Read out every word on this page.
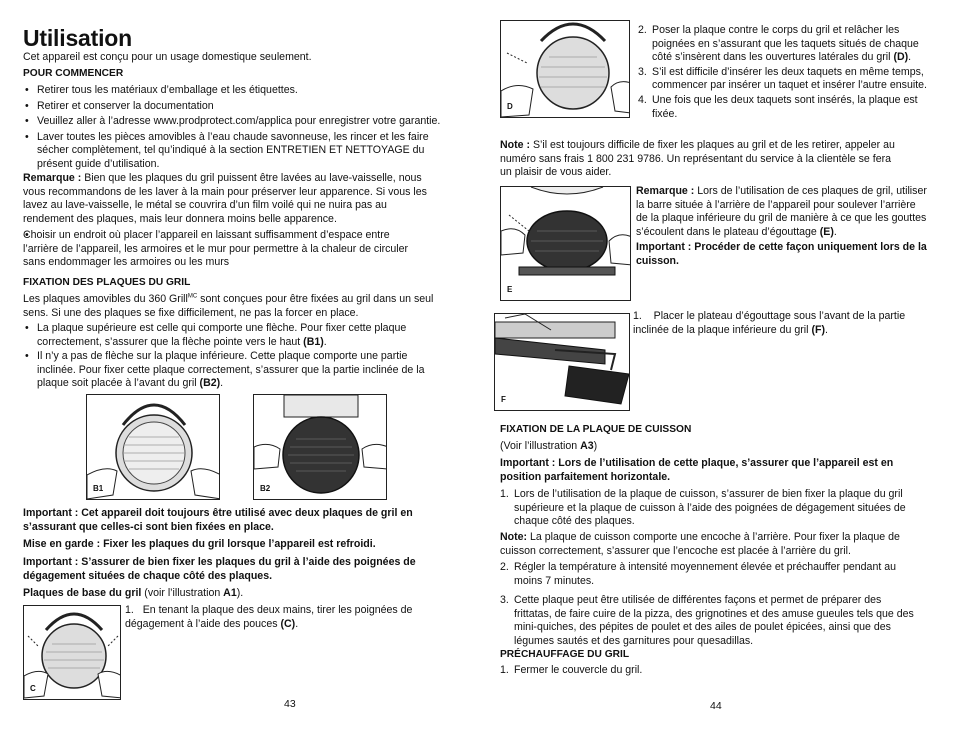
Utilisation

Cet appareil est conçu pour un usage domestique seulement.

POUR COMMENCER

• Retirer tous les matériaux d’emballage et les étiquettes.
• Retirer et conserver la documentation
• Veuillez aller à l’adresse www.prodprotect.com/applica pour enregistrer votre garantie.
• Laver toutes les pièces amovibles à l’eau chaude savonneuse, les rincer et les faire sécher complètement, tel qu’indiqué à la section ENTRETIEN ET NETTOYAGE du présent guide d’utilisation.

Remarque : Bien que les plaques du gril puissent être lavées au lave-vaisselle, nous vous recommandons de les laver à la main pour préserver leur apparence. Si vous les lavez au lave-vaisselle, le métal se couvrira d’un film voilé qui ne nuira pas au rendement des plaques, mais leur donnera moins belle apparence.

• Choisir un endroit où placer l’appareil en laissant suffisamment d’espace entre l’arrière de l’appareil, les armoires et le mur pour permettre à la chaleur de circuler sans endommager les armoires ou les murs

FIXATION DES PLAQUES DU GRIL

Les plaques amovibles du 360 Grill$^{MC}$ sont conçues pour être fixées au gril dans un seul sens. Si une des plaques se fixe difficilement, ne pas la forcer en place.

• La plaque supérieure est celle qui comporte une flèche. Pour fixer cette plaque correctement, s’assurer que la flèche pointe vers le haut (B1).
• Il n’y a pas de flèche sur la plaque inférieure. Cette plaque comporte une partie inclinée. Pour fixer cette plaque correctement, s’assurer que la partie inclinée de la plaque soit placée à l’avant du gril (B2).
B1	B2

Important : Cet appareil doit toujours être utilisé avec deux plaques de gril en s’assurant que celles-ci sont bien fixées en place.

Mise en garde : Fixer les plaques du gril lorsque l’appareil est refroidi.

Important : S’assurer de bien fixer les plaques du gril à l’aide des poignées de dégagement situées de chaque côté des plaques.

Plaques de base du gril (voir l’illustration A1).

C
1. En tenant la plaque des deux mains, tirer les poignées de dégagement à l’aide des pouces (C).
43
D
2. Poser la plaque contre le corps du gril et relâcher les poignées en s’assurant que les taquets situés de chaque côté s’insèrent dans les ouvertures latérales du gril (D).
3. S’il est difficile d’insérer les deux taquets en même temps, commencer par insérer un taquet et insérer l’autre ensuite.
4. Une fois que les deux taquets sont insérés, la plaque est fixée.

Note : S’il est toujours difficile de fixer les plaques au gril et de les retirer, appeler au numéro sans frais 1 800 231 9786. Un représentant du service à la clientèle se fera un plaisir de vous aider.

E

Remarque : Lors de l’utilisation de ces plaques de gril, utiliser la barre située à l’arrière de l’appareil pour soulever l’arrière de la plaque inférieure du gril de manière à ce que les gouttes s’écoulent dans le plateau d’égouttage (E).

Important : Procéder de cette façon uniquement lors de la cuisson.

F

1. Placer le plateau d’égouttage sous l’avant de la partie inclinée de la plaque inférieure du gril (F).

FIXATION DE LA PLAQUE DE CUISSON

(Voir l’illustration A3)

Important : Lors de l’utilisation de cette plaque, s’assurer que l’appareil est en position parfaitement horizontale.

1. Lors de l’utilisation de la plaque de cuisson, s’assurer de bien fixer la plaque du gril supérieure et la plaque de cuisson à l’aide des poignées de dégagement situées de chaque côté des plaques.

Note: La plaque de cuisson comporte une encoche à l’arrière. Pour fixer la plaque de cuisson correctement, s’assurer que l’encoche est placée à l’arrière du gril.

2. Régler la température à intensité moyennement élevée et préchauffer pendant au moins 7 minutes.
3. Cette plaque peut être utilisée de différentes façons et permet de préparer des frittatas, de faire cuire de la pizza, des grignotines et des amuse gueules tels que des mini-quiches, des pépites de poulet et des ailes de poulet épicées, ainsi que des légumes sautés et des garnitures pour quesadillas.

PRÉCHAUFFAGE DU GRIL

1. Fermer le couvercle du gril.
44
